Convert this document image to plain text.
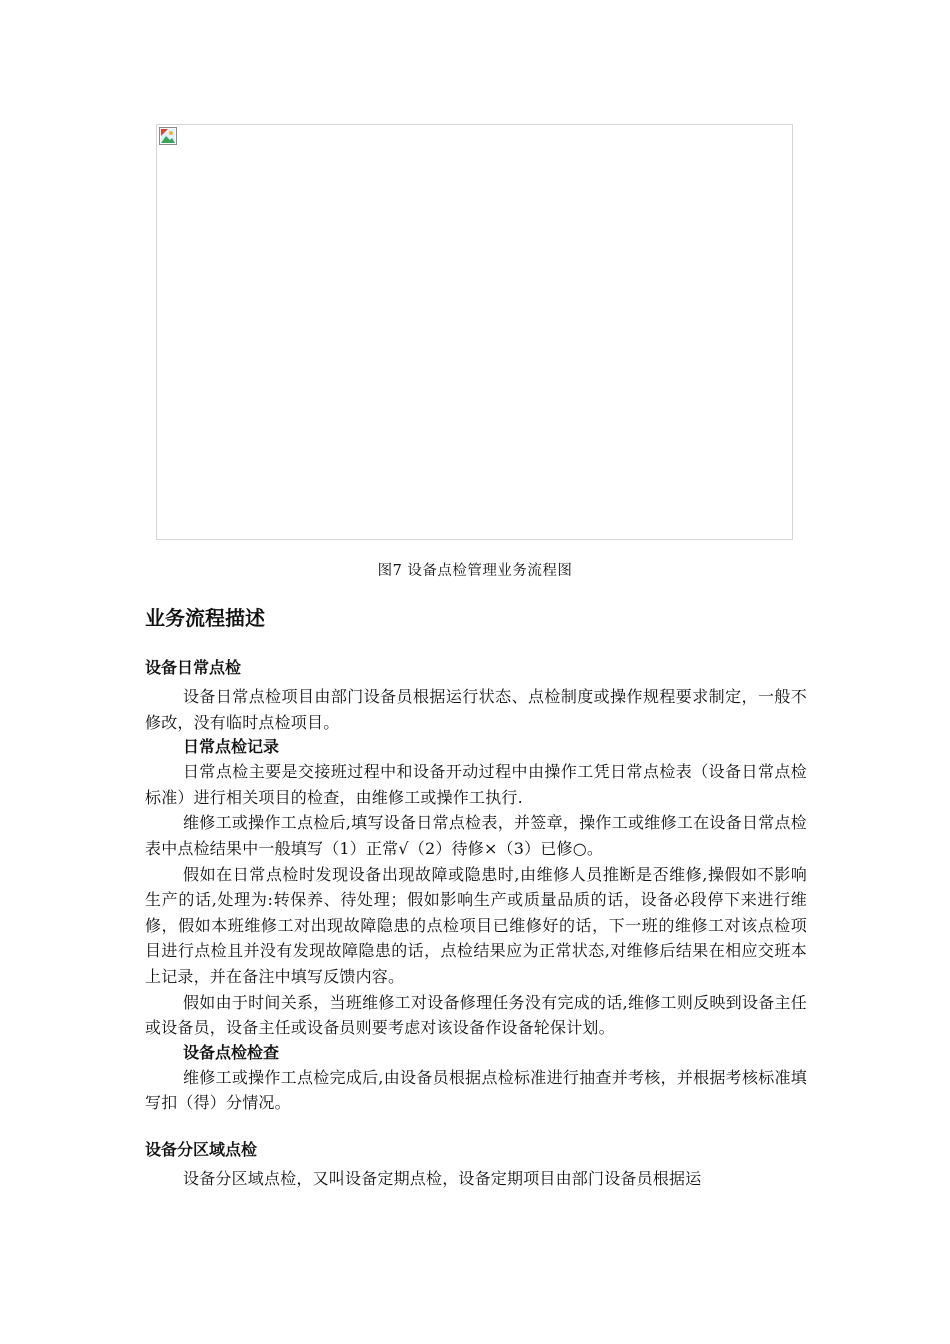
图7 设备点检管理业务流程图
业务流程描述
设备日常点检

设备日常点检项目由部门设备员根据运行状态、点检制度或操作规程要求制定，一般不修改，没有临时点检项目。

日常点检记录

日常点检主要是交接班过程中和设备开动过程中由操作工凭日常点检表（设备日常点检标准）进行相关项目的检查，由维修工或操作工执行.

维修工或操作工点检后,填写设备日常点检表，并签章，操作工或维修工在设备日常点检表中点检结果中一般填写（1）正常√（2）待修×（3）已修○。

假如在日常点检时发现设备出现故障或隐患时,由维修人员推断是否维修,操假如不影响生产的话,处理为:转保养、待处理；假如影响生产或质量品质的话，设备必段停下来进行维修，假如本班维修工对出现故障隐患的点检项目已维修好的话，下一班的维修工对该点检项目进行点检且并没有发现故障隐患的话，点检结果应为正常状态,对维修后结果在相应交班本上记录，并在备注中填写反馈内容。

假如由于时间关系，当班维修工对设备修理任务没有完成的话,维修工则反映到设备主任或设备员，设备主任或设备员则要考虑对该设备作设备轮保计划。

设备点检检查

维修工或操作工点检完成后,由设备员根据点检标准进行抽查并考核，并根据考核标准填写扣（得）分情况。

设备分区域点检

设备分区域点检，又叫设备定期点检，设备定期项目由部门设备员根据运
